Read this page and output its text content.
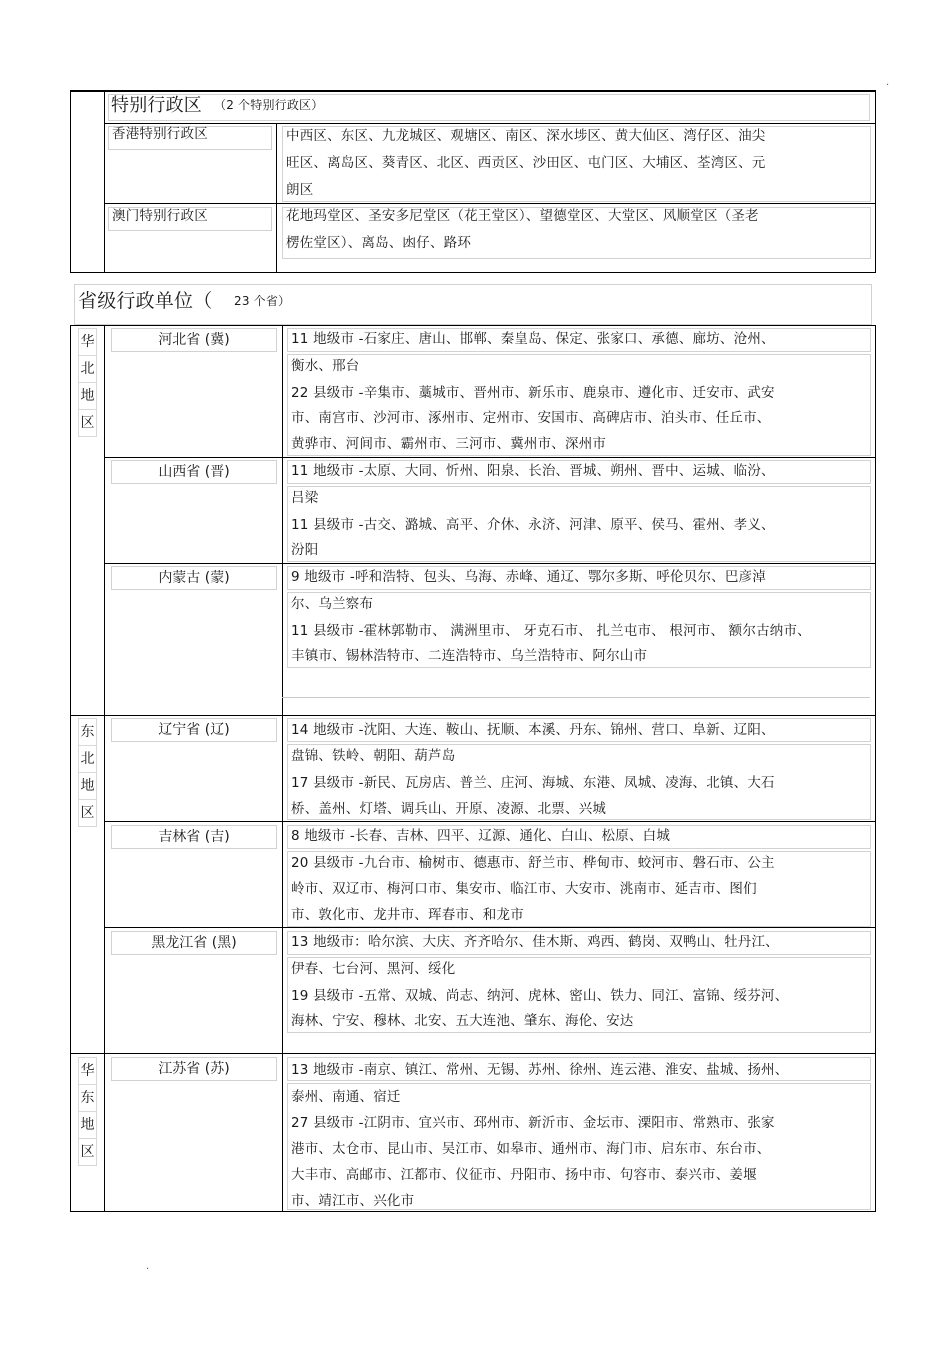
.
.
特别行政区 （2 个特别行政区）
香港特别行政区	中西区、东区、九龙城区、观塘区、南区、深水埗区、黄大仙区、湾仔区、油尖
旺区、离岛区、葵青区、北区、西贡区、沙田区、屯门区、大埔区、荃湾区、元
朗区
澳门特别行政区	花地玛堂区、圣安多尼堂区（花王堂区）、望德堂区、大堂区、风顺堂区（圣老
楞佐堂区）、离岛、凼仔、路环
省级行政单位（ 23 个省）
华
北
地
区
东
北
地
区
华
东
地
区
河北省 (冀)
山西省 (晋)
内蒙古 (蒙)
辽宁省 (辽)
吉林省 (吉)
黑龙江省 (黑)
江苏省 (苏)
11 地级市 -石家庄、唐山、邯郸、秦皇岛、保定、张家口、承德、廊坊、沧州、
衡水、邢台
22 县级市 -辛集市、藁城市、晋州市、新乐市、鹿泉市、遵化市、迁安市、武安
市、南宫市、沙河市、涿州市、定州市、安国市、高碑店市、泊头市、任丘市、
黄骅市、河间市、霸州市、三河市、冀州市、深州市
11 地级市 -太原、大同、忻州、阳泉、长治、晋城、朔州、晋中、运城、临汾、
吕梁
11 县级市 -古交、潞城、高平、介休、永济、河津、原平、侯马、霍州、孝义、
汾阳
9 地级市 -呼和浩特、包头、乌海、赤峰、通辽、鄂尔多斯、呼伦贝尔、巴彦淖
尔、乌兰察布
11 县级市 -霍林郭勒市、 满洲里市、 牙克石市、 扎兰屯市、 根河市、 额尔古纳市、
丰镇市、锡林浩特市、二连浩特市、乌兰浩特市、阿尔山市
14 地级市 -沈阳、大连、鞍山、抚顺、本溪、丹东、锦州、营口、阜新、辽阳、
盘锦、铁岭、朝阳、葫芦岛
17 县级市 -新民、瓦房店、普兰、庄河、海城、东港、凤城、凌海、北镇、大石
桥、盖州、灯塔、调兵山、开原、凌源、北票、兴城
8 地级市 -长春、吉林、四平、辽源、通化、白山、松原、白城
20 县级市 -九台市、榆树市、德惠市、舒兰市、桦甸市、蛟河市、磐石市、公主
岭市、双辽市、梅河口市、集安市、临江市、大安市、洮南市、延吉市、图们
市、敦化市、龙井市、珲春市、和龙市
13 地级市：哈尔滨、大庆、齐齐哈尔、佳木斯、鸡西、鹤岗、双鸭山、牡丹江、
伊春、七台河、黑河、绥化
19 县级市 -五常、双城、尚志、纳河、虎林、密山、铁力、同江、富锦、绥芬河、
海林、宁安、穆林、北安、五大连池、肇东、海伦、安达
13 地级市 -南京、镇江、常州、无锡、苏州、徐州、连云港、淮安、盐城、扬州、
泰州、南通、宿迁
27 县级市 -江阴市、宜兴市、邳州市、新沂市、金坛市、溧阳市、常熟市、张家
港市、太仓市、昆山市、吴江市、如皋市、通州市、海门市、启东市、东台市、
大丰市、高邮市、江都市、仪征市、丹阳市、扬中市、句容市、泰兴市、姜堰
市、靖江市、兴化市
